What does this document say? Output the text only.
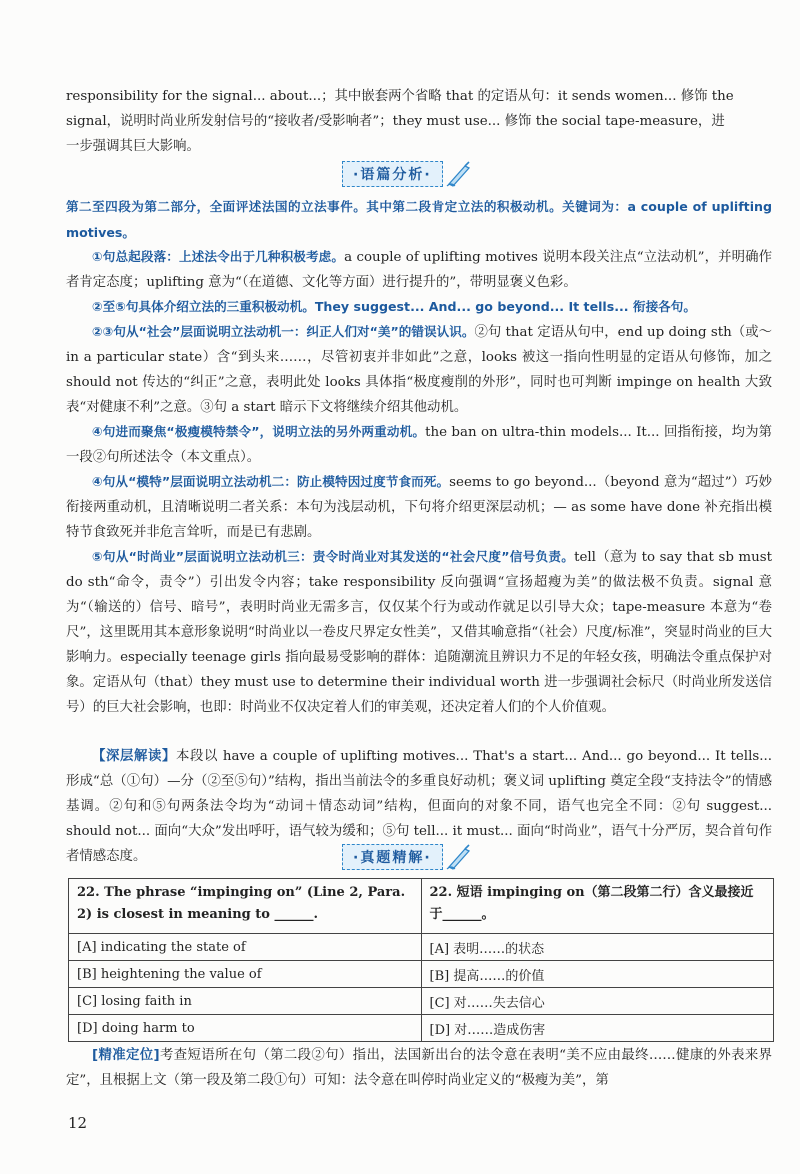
responsibility for the signal... about...；其中嵌套两个省略 that 的定语从句：it sends women... 修饰 the
signal，说明时尚业所发射信号的“接收者/受影响者”；they must use... 修饰 the social tape-measure，进
一步强调其巨大影响。

·语篇分析·

第二至四段为第二部分，全面评述法国的立法事件。其中第二段肯定立法的积极动机。关键词为：a couple of uplifting motives。

①句总起段落：上述法令出于几种积极考虑。a couple of uplifting motives 说明本段关注点“立法动机”，并明确作者肯定态度；uplifting 意为“（在道德、文化等方面）进行提升的”，带明显褒义色彩。

②至⑤句具体介绍立法的三重积极动机。They suggest... And... go beyond... It tells... 衔接各句。

②③句从“社会”层面说明立法动机一：纠正人们对“美”的错误认识。②句 that 定语从句中，end up doing sth（或～ in a particular state）含“到头来……，尽管初衷并非如此”之意，looks 被这一指向性明显的定语从句修饰，加之 should not 传达的“纠正”之意，表明此处 looks 具体指“极度瘦削的外形”，同时也可判断 impinge on health 大致表“对健康不利”之意。③句 a start 暗示下文将继续介绍其他动机。

④句进而聚焦“极瘦模特禁令”，说明立法的另外两重动机。the ban on ultra-thin models... It... 回指衔接，均为第一段②句所述法令（本文重点）。

④句从“模特”层面说明立法动机二：防止模特因过度节食而死。seems to go beyond...（beyond 意为“超过”）巧妙衔接两重动机，且清晰说明二者关系：本句为浅层动机，下句将介绍更深层动机；— as some have done 补充指出模特节食致死并非危言耸听，而是已有悲剧。

⑤句从“时尚业”层面说明立法动机三：责令时尚业对其发送的“社会尺度”信号负责。tell（意为 to say that sb must do sth“命令，责令”）引出发令内容；take responsibility 反向强调“宣扬超瘦为美”的做法极不负责。signal 意为“（输送的）信号、暗号”，表明时尚业无需多言，仅仅某个行为或动作就足以引导大众；tape-measure 本意为“卷尺”，这里既用其本意形象说明“时尚业以一卷皮尺界定女性美”，又借其喻意指“（社会）尺度/标准”，突显时尚业的巨大影响力。especially teenage girls 指向最易受影响的群体：追随潮流且辨识力不足的年轻女孩，明确法令重点保护对象。定语从句（that）they must use to determine their individual worth 进一步强调社会标尺（时尚业所发送信号）的巨大社会影响，也即：时尚业不仅决定着人们的审美观，还决定着人们的个人价值观。

【深层解读】本段以 have a couple of uplifting motives... That's a start... And... go beyond... It tells... 形成“总（①句）—分（②至⑤句）”结构，指出当前法令的多重良好动机；褒义词 uplifting 奠定全段“支持法令”的情感基调。②句和⑤句两条法令均为“动词＋情态动词”结构，但面向的对象不同，语气也完全不同：②句 suggest... should not... 面向“大众”发出呼吁，语气较为缓和；⑤句 tell... it must... 面向“时尚业”，语气十分严厉，契合首句作者情感态度。	·真题精解·
22. The phrase “impinging on” (Line 2, Para. 2) is closest in meaning to ______.	22. 短语 impinging on（第二段第二行）含义最接近于______。
[A] indicating the state of	[A] 表明……的状态
[B] heightening the value of	[B] 提高……的价值
[C] losing faith in	[C] 对……失去信心
[D] doing harm to	[D] 对……造成伤害

[精准定位]考查短语所在句（第二段②句）指出，法国新出台的法令意在表明“美不应由最终……健康的外表来界定”，且根据上文（第一段及第二段①句）可知：法令意在叫停时尚业定义的“极瘦为美”，第

12
